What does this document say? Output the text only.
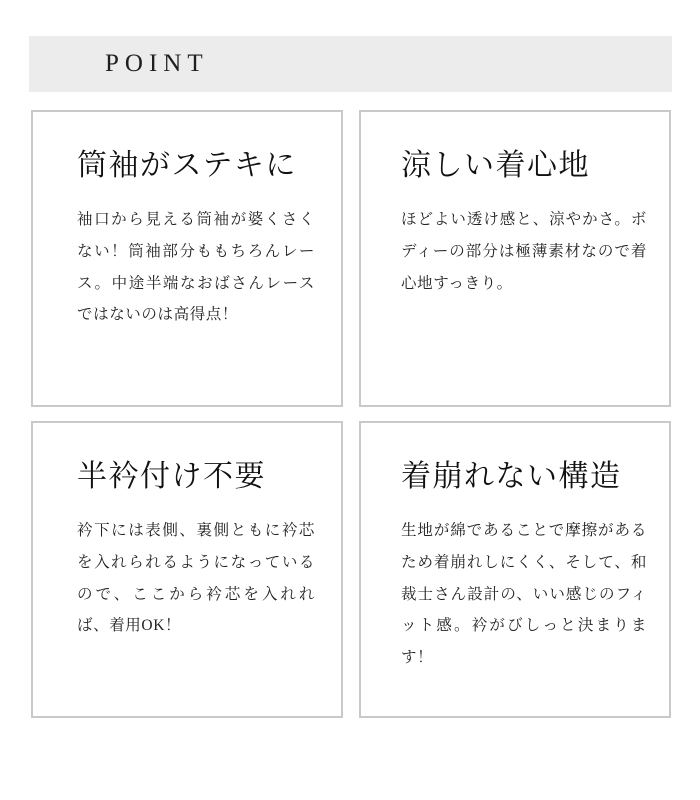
POINT
筒袖がステキに

袖口から見える筒袖が婆くさくない！筒袖部分ももちろんレース。中途半端なおばさんレースではないのは高得点！

涼しい着心地

ほどよい透け感と、涼やかさ。ボディーの部分は極薄素材なので着心地すっきり。

半衿付け不要

衿下には表側、裏側ともに衿芯を入れられるようになっているので、ここから衿芯を入れれば、着用OK！

着崩れない構造

生地が綿であることで摩擦があるため着崩れしにくく、そして、和裁士さん設計の、いい感じのフィット感。衿がびしっと決まります！
